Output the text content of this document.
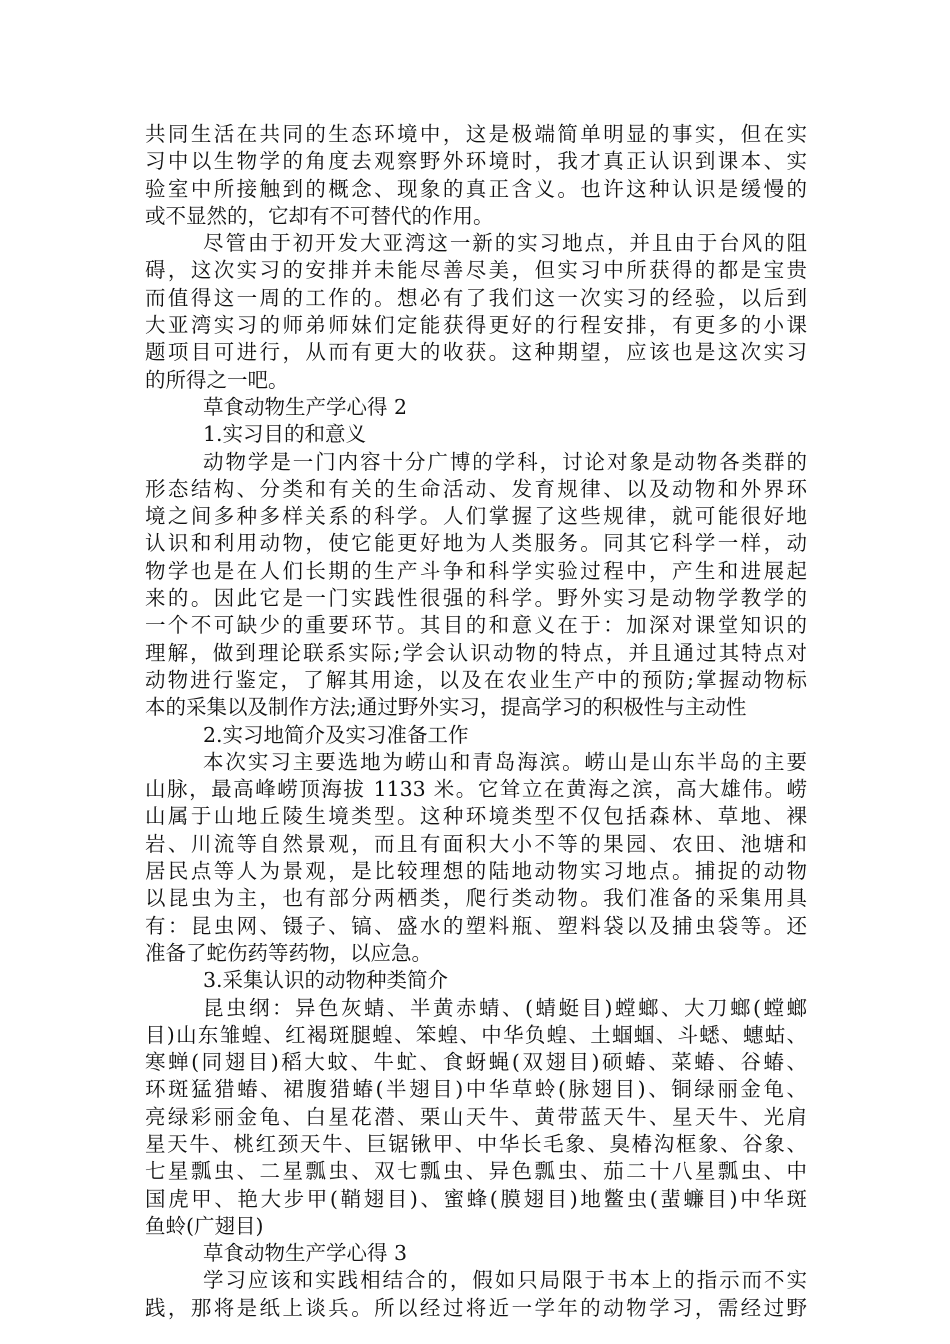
共同生活在共同的生态环境中，这是极端简单明显的事实，但在实
习中以生物学的角度去观察野外环境时，我才真正认识到课本、实
验室中所接触到的概念、现象的真正含义。也许这种认识是缓慢的
或不显然的，它却有不可替代的作用。
尽管由于初开发大亚湾这一新的实习地点，并且由于台风的阻
碍，这次实习的安排并未能尽善尽美，但实习中所获得的都是宝贵
而值得这一周的工作的。想必有了我们这一次实习的经验，以后到
大亚湾实习的师弟师妹们定能获得更好的行程安排，有更多的小课
题项目可进行，从而有更大的收获。这种期望，应该也是这次实习
的所得之一吧。
草食动物生产学心得 2
1.实习目的和意义
动物学是一门内容十分广博的学科，讨论对象是动物各类群的
形态结构、分类和有关的生命活动、发育规律、以及动物和外界环
境之间多种多样关系的科学。人们掌握了这些规律，就可能很好地
认识和利用动物，使它能更好地为人类服务。同其它科学一样，动
物学也是在人们长期的生产斗争和科学实验过程中，产生和进展起
来的。因此它是一门实践性很强的科学。野外实习是动物学教学的
一个不可缺少的重要环节。其目的和意义在于：加深对课堂知识的
理解，做到理论联系实际;学会认识动物的特点，并且通过其特点对
动物进行鉴定，了解其用途，以及在农业生产中的预防;掌握动物标
本的采集以及制作方法;通过野外实习，提高学习的积极性与主动性
2.实习地简介及实习准备工作
本次实习主要选地为崂山和青岛海滨。崂山是山东半岛的主要
山脉，最高峰崂顶海拔 1133 米。它耸立在黄海之滨，高大雄伟。崂
山属于山地丘陵生境类型。这种环境类型不仅包括森林、草地、裸
岩、川流等自然景观，而且有面积大小不等的果园、农田、池塘和
居民点等人为景观，是比较理想的陆地动物实习地点。捕捉的动物
以昆虫为主，也有部分两栖类，爬行类动物。我们准备的采集用具
有：昆虫网、镊子、镐、盛水的塑料瓶、塑料袋以及捕虫袋等。还
准备了蛇伤药等药物，以应急。
3.采集认识的动物种类简介
昆虫纲：异色灰蜻、半黄赤蜻、(蜻蜓目)螳螂、大刀螂(螳螂
目)山东雏蝗、红褐斑腿蝗、笨蝗、中华负蝗、土蝈蝈、斗蟋、蟪蛄、
寒蝉(同翅目)稻大蚊、牛虻、食蚜蝇(双翅目)硕蝽、菜蝽、谷蝽、
环斑猛猎蝽、裙腹猎蝽(半翅目)中华草蛉(脉翅目)、铜绿丽金龟、
亮绿彩丽金龟、白星花潜、栗山天牛、黄带蓝天牛、星天牛、光肩
星天牛、桃红颈天牛、巨锯锹甲、中华长毛象、臭椿沟框象、谷象、
七星瓢虫、二星瓢虫、双七瓢虫、异色瓢虫、茄二十八星瓢虫、中
国虎甲、艳大步甲(鞘翅目)、蜜蜂(膜翅目)地鳖虫(蜚蠊目)中华斑
鱼蛉(广翅目)
草食动物生产学心得 3
学习应该和实践相结合的，假如只局限于书本上的指示而不实
践，那将是纸上谈兵。所以经过将近一学年的动物学习，需经过野
